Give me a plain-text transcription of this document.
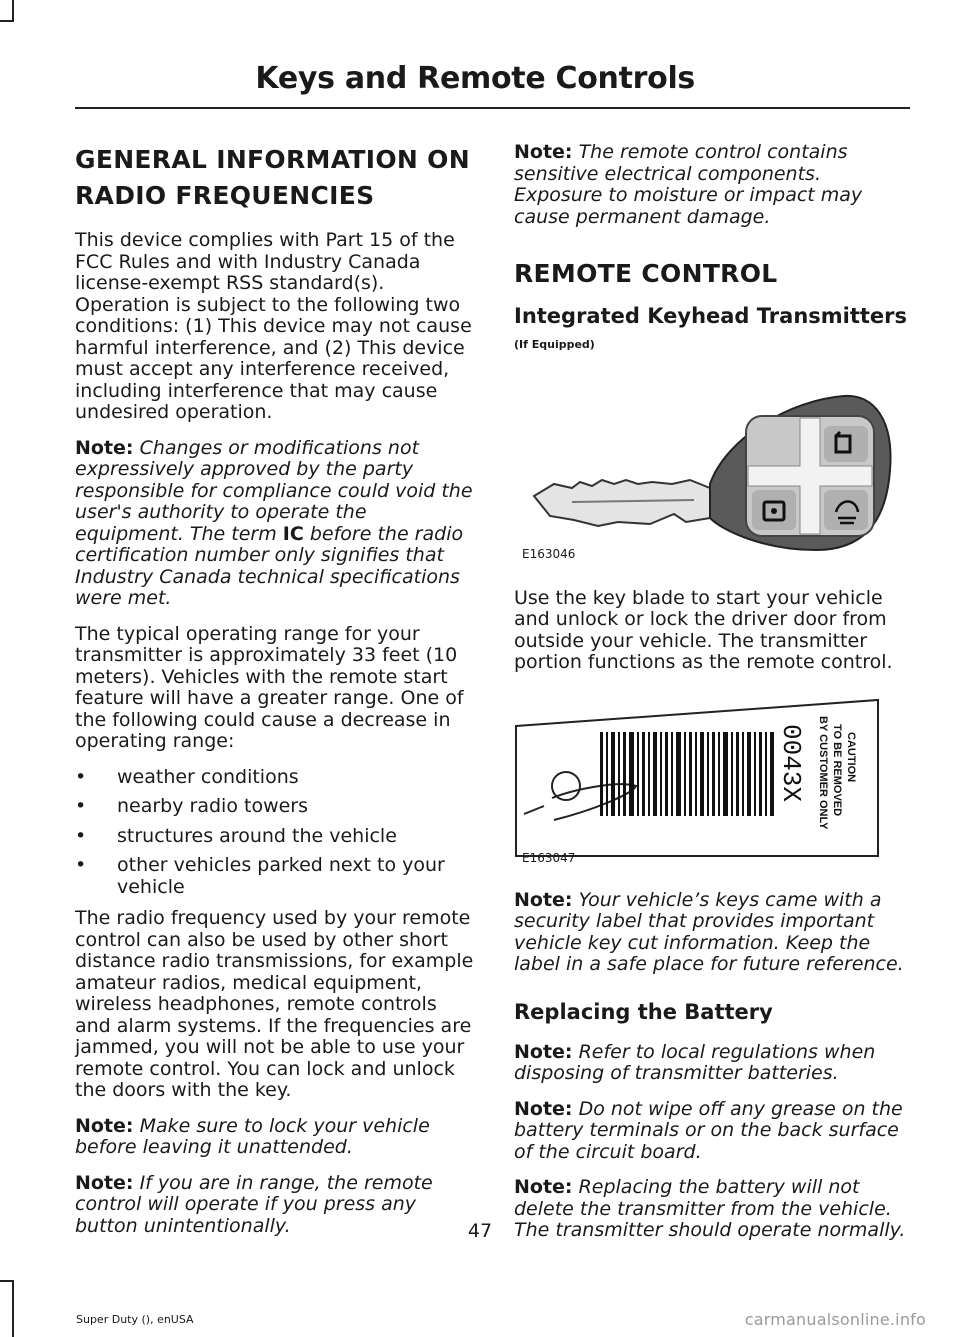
Keys and Remote Controls
GENERAL INFORMATION ON
RADIO FREQUENCIES

This device complies with Part 15 of the FCC Rules and with Industry Canada license-exempt RSS standard(s). Operation is subject to the following two conditions: (1) This device may not cause harmful interference, and (2) This device must accept any interference received, including interference that may cause undesired operation.

Note: Changes or modifications not expressively approved by the party responsible for compliance could void the user's authority to operate the equipment. The term IC before the radio certification number only signifies that Industry Canada technical specifications were met.

The typical operating range for your transmitter is approximately 33 feet (10 meters). Vehicles with the remote start feature will have a greater range. One of the following could cause a decrease in operating range:

• weather conditions
• nearby radio towers
• structures around the vehicle
• other vehicles parked next to your vehicle

The radio frequency used by your remote control can also be used by other short distance radio transmissions, for example amateur radios, medical equipment, wireless headphones, remote controls and alarm systems. If the frequencies are jammed, you will not be able to use your remote control. You can lock and unlock the doors with the key.

Note: Make sure to lock your vehicle before leaving it unattended.

Note: If you are in range, the remote control will operate if you press any button unintentionally.

Note: The remote control contains sensitive electrical components. Exposure to moisture or impact may cause permanent damage.

REMOTE CONTROL
Integrated Keyhead Transmitters
(If Equipped)
E163046

Use the key blade to start your vehicle and unlock or lock the driver door from outside your vehicle. The transmitter portion functions as the remote control.

0043X	CAUTION
TO BE REMOVED
BY CUSTOMER ONLY
E163047

Note: Your vehicle’s keys came with a security label that provides important vehicle key cut information. Keep the label in a safe place for future reference.

Replacing the Battery

Note: Refer to local regulations when disposing of transmitter batteries.

Note: Do not wipe off any grease on the battery terminals or on the back surface of the circuit board.

Note: Replacing the battery will not delete the transmitter from the vehicle. The transmitter should operate normally.

47
Super Duty (), enUSA	carmanualsonline.info
